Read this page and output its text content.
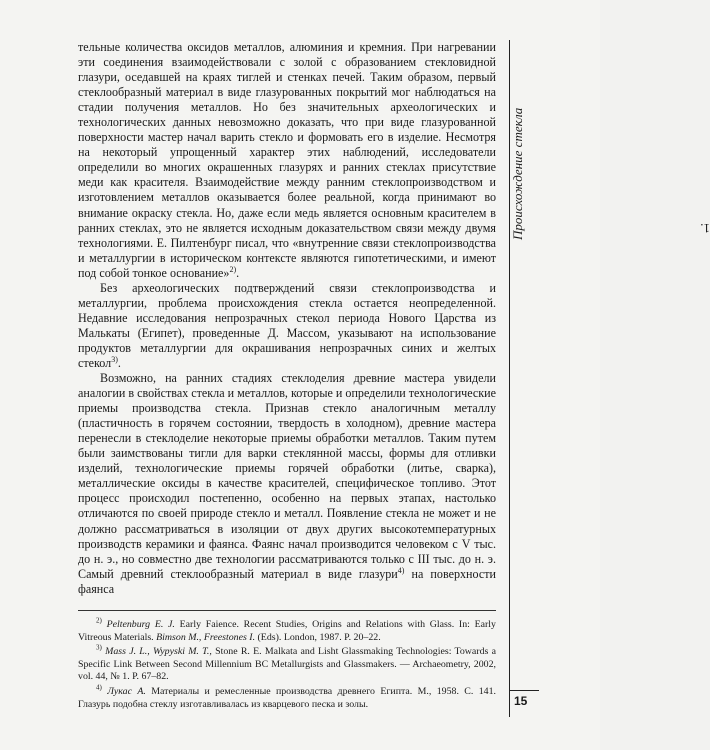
тельные количества оксидов металлов, алюминия и кремния. При нагревании эти соединения взаимодействовали с золой с образованием стекловидной глазури, оседавшей на краях тиглей и стенках печей. Таким образом, первый стеклообразный материал в виде глазурованных покрытий мог наблюдаться на стадии получения металлов. Но без значительных археологических и технологических данных невозможно доказать, что при виде глазурованной поверхности мастер начал варить стекло и формовать его в изделие. Несмотря на некоторый упрощенный характер этих наблюдений, исследователи определили во многих окрашенных глазурях и ранних стеклах присутствие меди как красителя. Взаимодействие между ранним стеклопроизводством и изготовлением металлов оказывается более реальной, когда принимают во внимание окраску стекла. Но, даже если медь является основным красителем в ранних стеклах, это не является исходным доказательством связи между двумя технологиями. Е. Пилтенбург писал, что «внутренние связи стеклопроизводства и металлургии в историческом контексте являются гипотетическими, и имеют под собой тонкое основание»$^{2)}$.

Без археологических подтверждений связи стеклопроизводства и металлургии, проблема происхождения стекла остается неопределенной. Недавние исследования непрозрачных стекол периода Нового Царства из Малькаты (Египет), проведенные Д. Массом, указывают на использование продуктов металлургии для окрашивания непрозрачных синих и желтых стекол$^{3)}$.

Возможно, на ранних стадиях стеклоделия древние мастера увидели аналогии в свойствах стекла и металлов, которые и определили технологические приемы производства стекла. Признав стекло аналогичным металлу (пластичность в горячем состоянии, твердость в холодном), древние мастера перенесли в стеклоделие некоторые приемы обработки металлов. Таким путем были заимствованы тигли для варки стеклянной массы, формы для отливки изделий, технологические приемы горячей обработки (литье, сварка), металлические оксиды в качестве красителей, специфическое топливо. Этот процесс происходил постепенно, особенно на первых этапах, настолько отличаются по своей природе стекло и металл. Появление стекла не может и не должно рассматриваться в изоляции от двух других высокотемпературных производств керамики и фаянса. Фаянс начал производится человеком с V тыс. до н. э., но совместно две технологии рассматриваются только с III тыс. до н. э. Самый древний стеклообразный материал в виде глазури$^{4)}$ на поверхности фаянса

$^{2)}$ Peltenburg E. J. Early Faience. Recent Studies, Origins and Relations with Glass. In: Early Vitreous Materials. Bimson M., Freestones I. (Eds). London, 1987. P. 20–22.

$^{3)}$ Mass J. L., Wypyski M. T., Stone R. E. Malkata and Lisht Glassmaking Technologies: Towards a Specific Link Between Second Millennium BC Metallurgists and Glassmakers. — Archaeometry, 2002, vol. 44, № 1. P. 67–82.

$^{4)}$ Лукас А. Материалы и ремесленные производства древнего Египта. М., 1958. С. 141. Глазурь подобна стеклу изготавливалась из кварцевого песка и золы.

1.
Происхождение стекла
15
